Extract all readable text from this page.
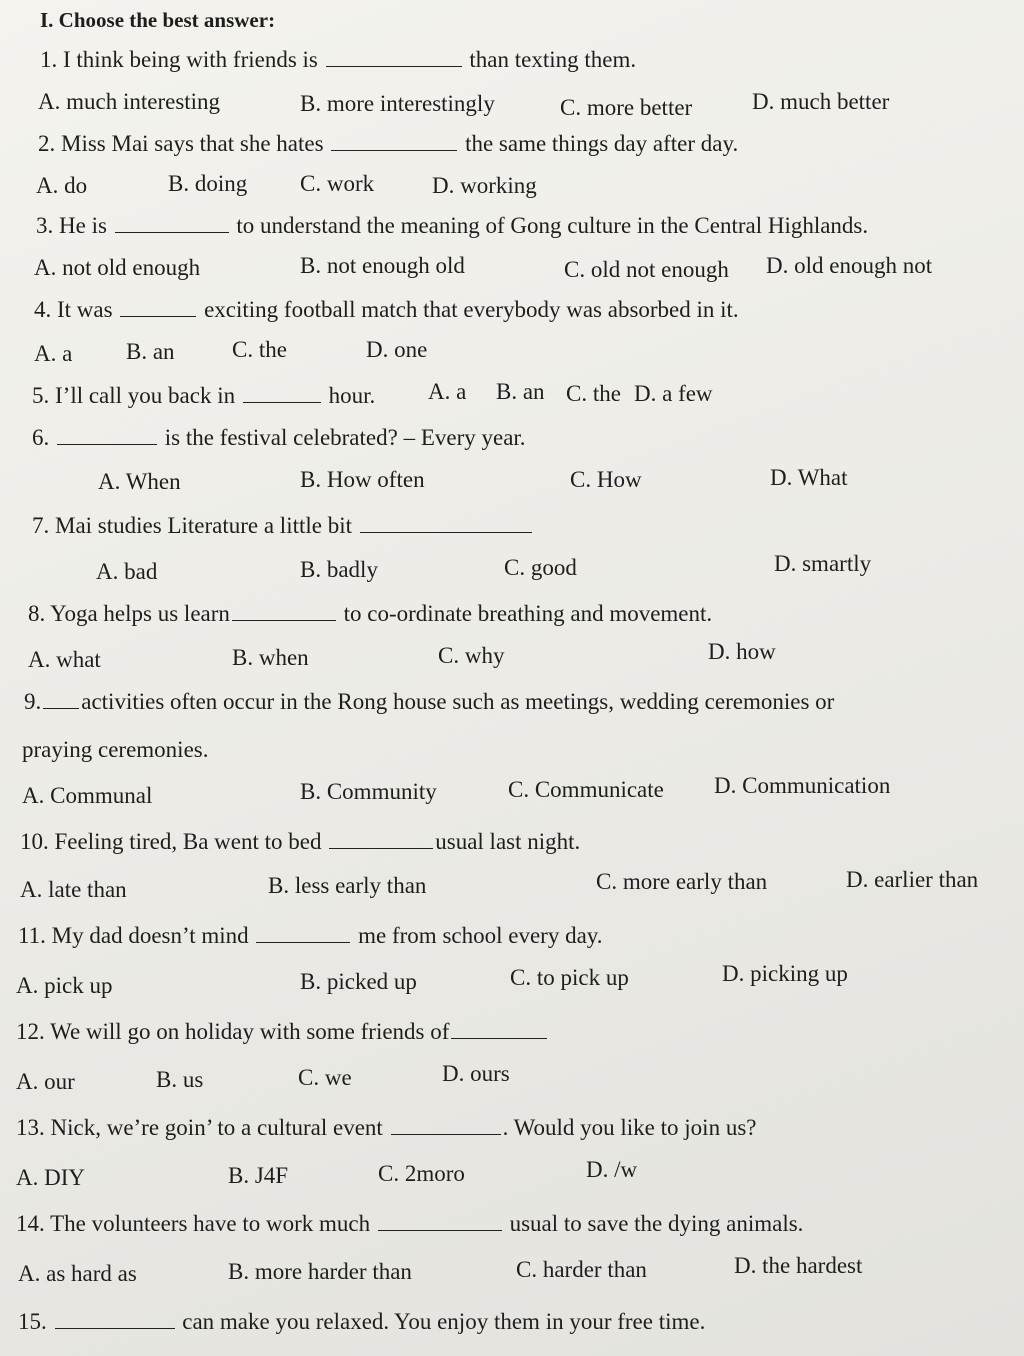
I. Choose the best answer:
1. I think being with friends is	than texting them.
A. much interesting	B. more interestingly	C. more better	D. much better
2. Miss Mai says that she hates	the same things day after day.
A. do	B. doing C. work	D. working
3. He is	to understand the meaning of Gong culture in the Central Highlands.
A. not old enough	B. not enough old	C. old not enough D. old enough not
4. It was	exciting football match that everybody was absorbed in it.
A. a B. an C. the	D. one
5. I’ll call you back in	hour. A. a B. an C. the D. a few
6.	is the festival celebrated? – Every year.
A. When	B. How often	C. How	D. What
7. Mai studies Literature a little bit
A. bad	B. badly	C. good	D. smartly
8. Yoga helps us learn	to co-ordinate breathing and movement.
A. what	B. when	C. why	D. how
9. activities often occur in the Rong house such as meetings, wedding ceremonies or
praying ceremonies.
A. Communal	B. Community	C. Communicate D. Communication
10. Feeling tired, Ba went to bed	usual last night.
A. late than	B. less early than	C. more early than	D. earlier than
11. My dad doesn’t mind	me from school every day.
A. pick up	B. picked up	C. to pick up	D. picking up
12. We will go on holiday with some friends of
A. our	B. us	C. we	D. ours
13. Nick, we’re goin’ to a cultural event	. Would you like to join us?
A. DIY	B. J4F	C. 2moro	D. /w
14. The volunteers have to work much	usual to save the dying animals.
A. as hard as	B. more harder than	C. harder than	D. the hardest
15.	can make you relaxed. You enjoy them in your free time.
